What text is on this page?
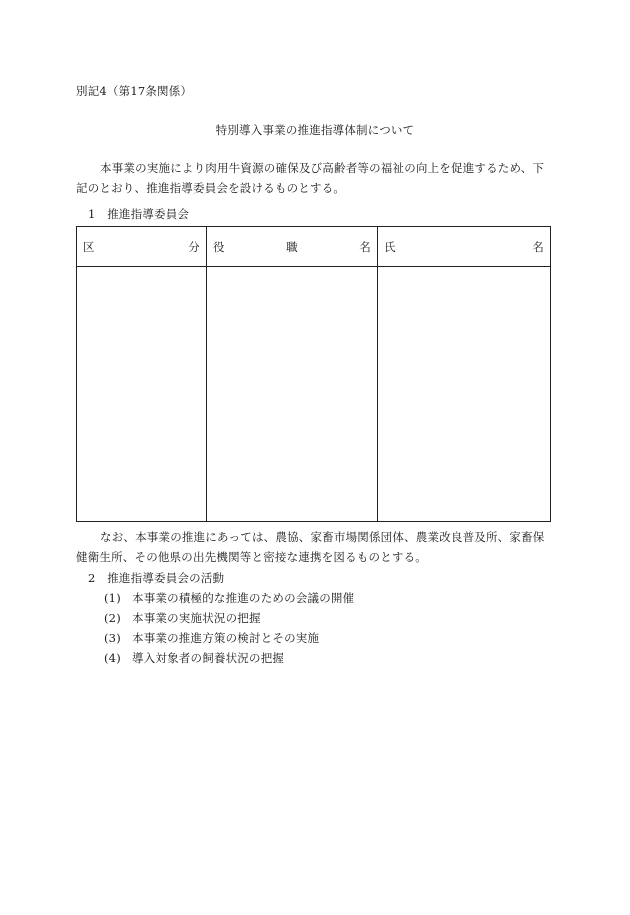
別記4（第17条関係）
特別導入事業の推進指導体制について

本事業の実施により肉用牛資源の確保及び高齢者等の福祉の向上を促進するため、下記のとおり、推進指導委員会を設けるものとする。

1　推進指導委員会
区 分	役 職 名	氏 名

なお、本事業の推進にあっては、農協、家畜市場関係団体、農業改良普及所、家畜保健衛生所、その他県の出先機関等と密接な連携を図るものとする。

2　推進指導委員会の活動
(1) 本事業の積極的な推進のための会議の開催
(2) 本事業の実施状況の把握
(3) 本事業の推進方策の検討とその実施
(4) 導入対象者の飼養状況の把握
